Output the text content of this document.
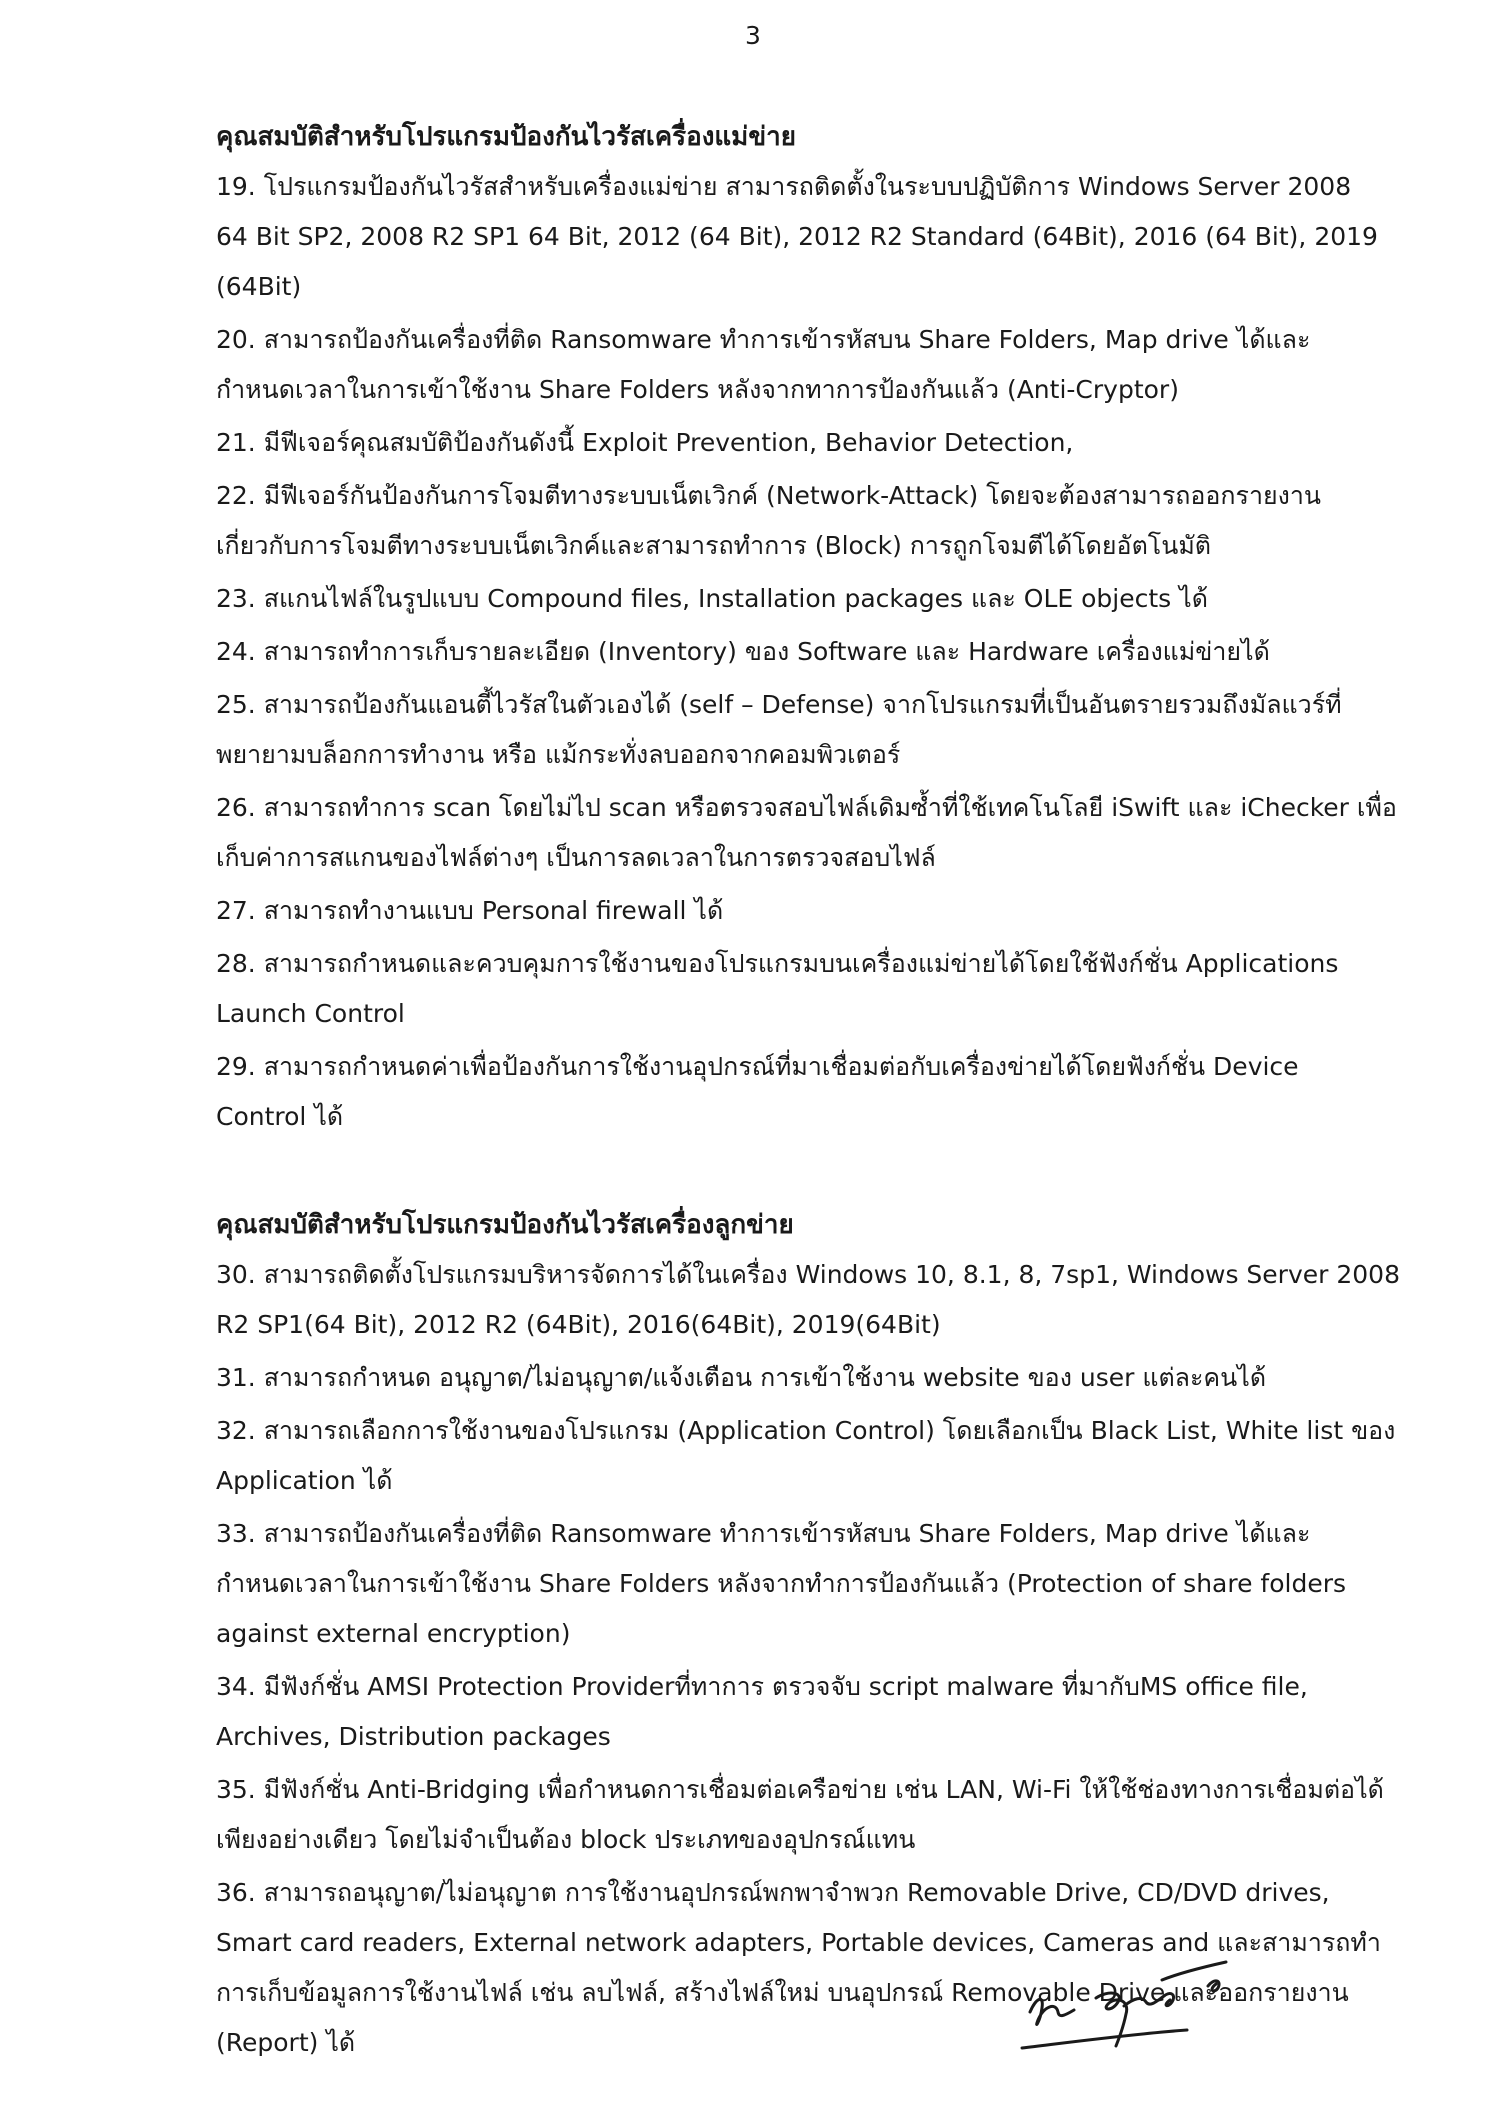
3

คุณสมบัติสำหรับโปรแกรมป้องกันไวรัสเครื่องแม่ข่าย

19. โปรแกรมป้องกันไวรัสสำหรับเครื่องแม่ข่าย สามารถติดตั้งในระบบปฏิบัติการ Windows Server 2008
64 Bit SP2, 2008 R2 SP1 64 Bit, 2012 (64 Bit), 2012 R2 Standard (64Bit), 2016 (64 Bit), 2019
(64Bit)
20. สามารถป้องกันเครื่องที่ติด Ransomware ทำการเข้ารหัสบน Share Folders, Map drive ได้และ
กำหนดเวลาในการเข้าใช้งาน Share Folders หลังจากทาการป้องกันแล้ว (Anti-Cryptor)
21. มีฟีเจอร์คุณสมบัติป้องกันดังนี้ Exploit Prevention, Behavior Detection,
22. มีฟีเจอร์กันป้องกันการโจมตีทางระบบเน็ตเวิกค์ (Network-Attack) โดยจะต้องสามารถออกรายงาน
เกี่ยวกับการโจมตีทางระบบเน็ตเวิกค์และสามารถทำการ (Block) การถูกโจมตีได้โดยอัตโนมัติ
23. สแกนไฟล์ในรูปแบบ Compound files, Installation packages และ OLE objects ได้
24. สามารถทำการเก็บรายละเอียด (Inventory) ของ Software และ Hardware เครื่องแม่ข่ายได้
25. สามารถป้องกันแอนตี้ไวรัสในตัวเองได้ (self – Defense) จากโปรแกรมที่เป็นอันตรายรวมถึงมัลแวร์ที่
พยายามบล็อกการทำงาน หรือ แม้กระทั่งลบออกจากคอมพิวเตอร์
26. สามารถทำการ scan โดยไม่ไป scan หรือตรวจสอบไฟล์เดิมซ้ำที่ใช้เทคโนโลยี iSwift และ iChecker เพื่อ
เก็บค่าการสแกนของไฟล์ต่างๆ เป็นการลดเวลาในการตรวจสอบไฟล์
27. สามารถทำงานแบบ Personal firewall ได้
28. สามารถกำหนดและควบคุมการใช้งานของโปรแกรมบนเครื่องแม่ข่ายได้โดยใช้ฟังก์ชั่น Applications
Launch Control
29. สามารถกำหนดค่าเพื่อป้องกันการใช้งานอุปกรณ์ที่มาเชื่อมต่อกับเครื่องข่ายได้โดยฟังก์ชั่น Device
Control ได้

คุณสมบัติสำหรับโปรแกรมป้องกันไวรัสเครื่องลูกข่าย

30. สามารถติดตั้งโปรแกรมบริหารจัดการได้ในเครื่อง Windows 10, 8.1, 8, 7sp1, Windows Server 2008
R2 SP1(64 Bit), 2012 R2 (64Bit), 2016(64Bit), 2019(64Bit)
31. สามารถกำหนด อนุญาต/ไม่อนุญาต/แจ้งเตือน การเข้าใช้งาน website ของ user แต่ละคนได้
32. สามารถเลือกการใช้งานของโปรแกรม (Application Control) โดยเลือกเป็น Black List, White list ของ
Application ได้
33. สามารถป้องกันเครื่องที่ติด Ransomware ทำการเข้ารหัสบน Share Folders, Map drive ได้และ
กำหนดเวลาในการเข้าใช้งาน Share Folders หลังจากทำการป้องกันแล้ว (Protection of share folders
against external encryption)
34. มีฟังก์ชั่น AMSI Protection Providerที่ทาการ ตรวจจับ script malware ที่มากับMS office file,
Archives, Distribution packages
35. มีฟังก์ชั่น Anti-Bridging เพื่อกำหนดการเชื่อมต่อเครือข่าย เช่น LAN, Wi-Fi ให้ใช้ช่องทางการเชื่อมต่อได้
เพียงอย่างเดียว โดยไม่จำเป็นต้อง block ประเภทของอุปกรณ์แทน
36. สามารถอนุญาต/ไม่อนุญาต การใช้งานอุปกรณ์พกพาจำพวก Removable Drive, CD/DVD drives,
Smart card readers, External network adapters, Portable devices, Cameras and และสามารถทำ
การเก็บข้อมูลการใช้งานไฟล์ เช่น ลบไฟล์, สร้างไฟล์ใหม่ บนอุปกรณ์ Removable Drive และออกรายงาน
(Report) ได้
